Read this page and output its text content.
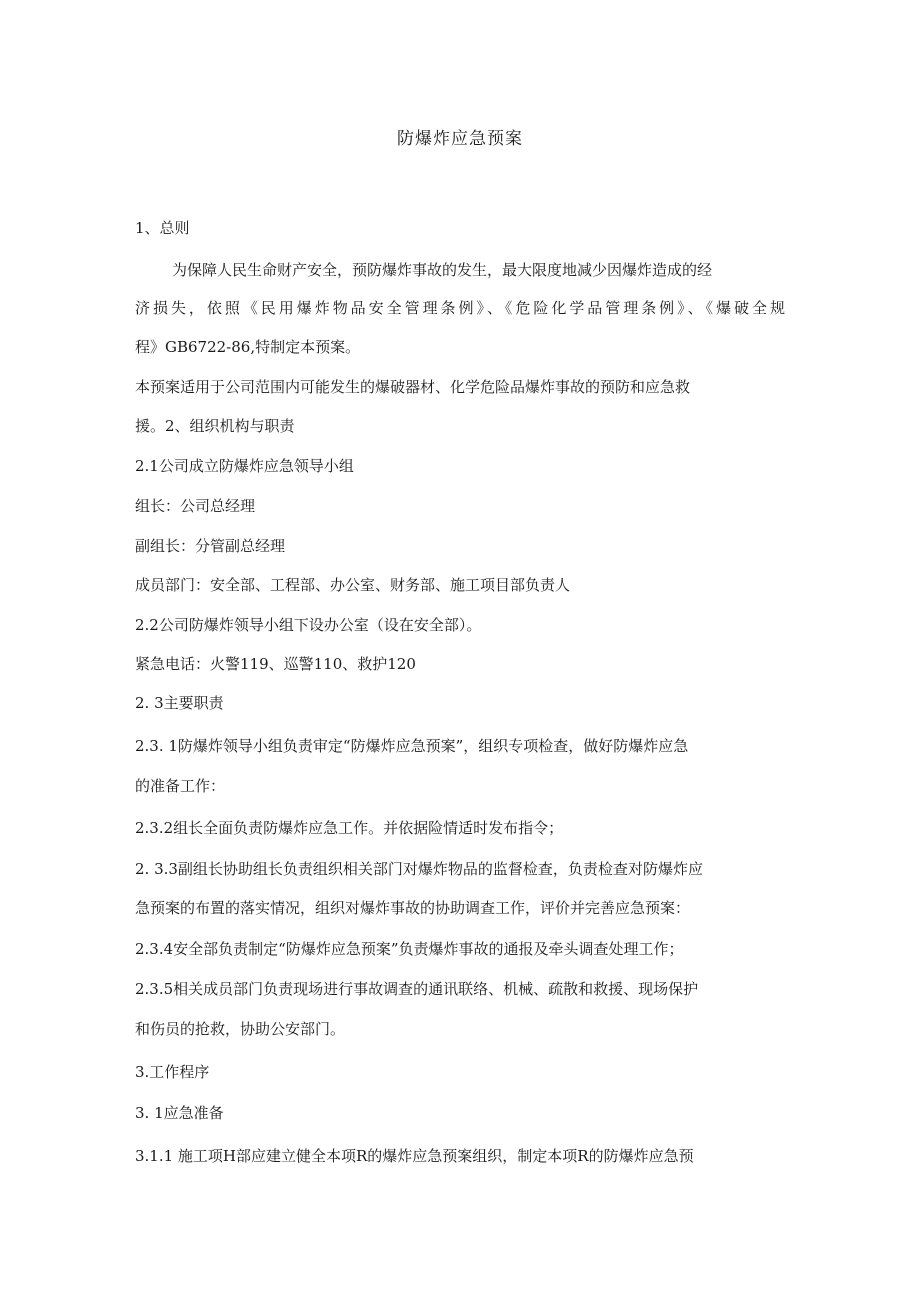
防爆炸应急预案
1、总则
为保障人民生命财产安全，预防爆炸事故的发生，最大限度地减少因爆炸造成的经
济损失，依照《民用爆炸物品安全管理条例》、《危险化学品管理条例》、《爆破全规
程》GB6722-86,特制定本预案。
本预案适用于公司范围内可能发生的爆破器材、化学危险品爆炸事故的预防和应急救
援。2、组织机构与职责
2.1公司成立防爆炸应急领导小组
组长：公司总经理
副组长：分管副总经理
成员部门：安全部、工程部、办公室、财务部、施工项目部负责人
2.2公司防爆炸领导小组下设办公室（设在安全部）。
紧急电话：火警119、巡警110、救护120
2. 3主要职责
2.3. 1防爆炸领导小组负责审定“防爆炸应急预案”，组织专项检查，做好防爆炸应急
的准备工作：
2.3.2组长全面负责防爆炸应急工作。并依据险情适时发布指令；
2. 3.3副组长协助组长负责组织相关部门对爆炸物品的监督检查，负责检查对防爆炸应
急预案的布置的落实情况，组织对爆炸事故的协助调查工作，评价并完善应急预案：
2.3.4安全部负责制定“防爆炸应急预案”负责爆炸事故的通报及牵头调查处理工作；
2.3.5相关成员部门负责现场进行事故调查的通讯联络、机械、疏散和救援、现场保护
和伤员的抢救，协助公安部门。
3.工作程序
3. 1应急准备
3.1.1 施工项H部应建立健全本项R的爆炸应急预案组织，制定本项R的防爆炸应急预
